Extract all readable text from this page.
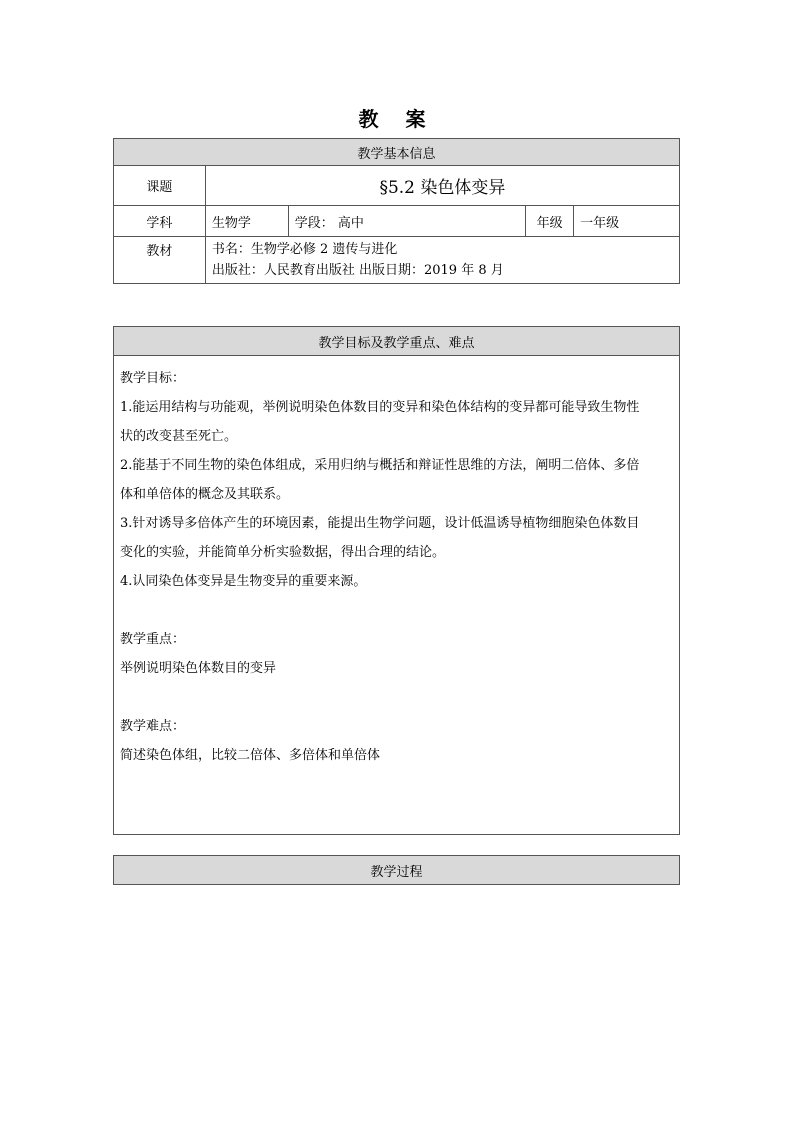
教 案
教学基本信息				
课题	§5.2 染色体变异			
学科	生物学	学段： 高中	年级	一年级
教材	书名：生物学必修 2 遗传与进化
出版社：人民教育出版社 出版日期：2019 年 8 月			
教学目标及教学重点、难点

教学目标：
1.能运用结构与功能观，举例说明染色体数目的变异和染色体结构的变异都可能导致生物性
状的改变甚至死亡。
2.能基于不同生物的染色体组成，采用归纳与概括和辩证性思维的方法，阐明二倍体、多倍
体和单倍体的概念及其联系。
3.针对诱导多倍体产生的环境因素，能提出生物学问题，设计低温诱导植物细胞染色体数目
变化的实验，并能简单分析实验数据，得出合理的结论。
4.认同染色体变异是生物变异的重要来源。
教学重点：
举例说明染色体数目的变异
教学难点：
简述染色体组，比较二倍体、多倍体和单倍体
教学过程
